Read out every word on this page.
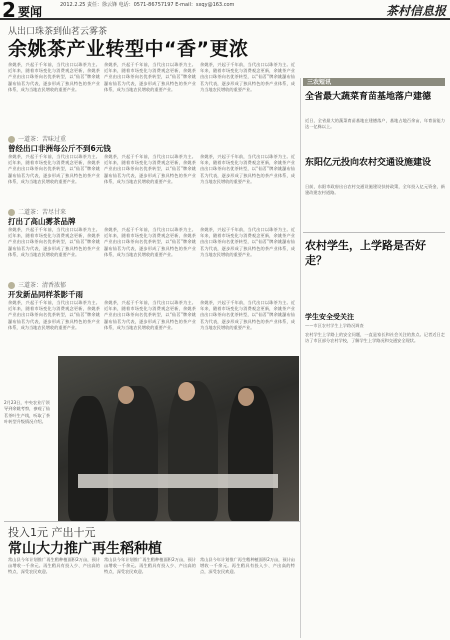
2 要闻	2012.2.25 责任：徐云锋 电话：0571-86757197 E-mail：sxqy@163.com	茶村信息报
从出口珠茶到仙茗云雾茶
余姚茶产业转型中“香”更浓
余姚茶，兴起于千年前，当代出口以珠茶为主。近年来，随着市场变化与消费观念更新，余姚茶产业由出口珠茶向名优茶转型，以“仙茗”牌余姚瀑布仙茗为代表，逐步形成了独具特色的茶产业体系，成为当地农民增收的重要产业。
余姚茶，兴起于千年前，当代出口以珠茶为主。近年来，随着市场变化与消费观念更新，余姚茶产业由出口珠茶向名优茶转型，以“仙茗”牌余姚瀑布仙茗为代表，逐步形成了独具特色的茶产业体系，成为当地农民增收的重要产业。
余姚茶，兴起于千年前，当代出口以珠茶为主。近年来，随着市场变化与消费观念更新，余姚茶产业由出口珠茶向名优茶转型，以“仙茗”牌余姚瀑布仙茗为代表，逐步形成了独具特色的茶产业体系，成为当地农民增收的重要产业。
一道茶：苦味过重
曾经出口非洲每公斤不到6元钱
余姚茶，兴起于千年前，当代出口以珠茶为主。近年来，随着市场变化与消费观念更新，余姚茶产业由出口珠茶向名优茶转型，以“仙茗”牌余姚瀑布仙茗为代表，逐步形成了独具特色的茶产业体系，成为当地农民增收的重要产业。
余姚茶，兴起于千年前，当代出口以珠茶为主。近年来，随着市场变化与消费观念更新，余姚茶产业由出口珠茶向名优茶转型，以“仙茗”牌余姚瀑布仙茗为代表，逐步形成了独具特色的茶产业体系，成为当地农民增收的重要产业。
余姚茶，兴起于千年前，当代出口以珠茶为主。近年来，随着市场变化与消费观念更新，余姚茶产业由出口珠茶向名优茶转型，以“仙茗”牌余姚瀑布仙茗为代表，逐步形成了独具特色的茶产业体系，成为当地农民增收的重要产业。
二道茶：苦尽甘来
打出了高山雾茶品牌
余姚茶，兴起于千年前，当代出口以珠茶为主。近年来，随着市场变化与消费观念更新，余姚茶产业由出口珠茶向名优茶转型，以“仙茗”牌余姚瀑布仙茗为代表，逐步形成了独具特色的茶产业体系，成为当地农民增收的重要产业。
余姚茶，兴起于千年前，当代出口以珠茶为主。近年来，随着市场变化与消费观念更新，余姚茶产业由出口珠茶向名优茶转型，以“仙茗”牌余姚瀑布仙茗为代表，逐步形成了独具特色的茶产业体系，成为当地农民增收的重要产业。
余姚茶，兴起于千年前，当代出口以珠茶为主。近年来，随着市场变化与消费观念更新，余姚茶产业由出口珠茶向名优茶转型，以“仙茗”牌余姚瀑布仙茗为代表，逐步形成了独具特色的茶产业体系，成为当地农民增收的重要产业。
三道茶：清香浓郁
开发新品同样茶影千雨
余姚茶，兴起于千年前，当代出口以珠茶为主。近年来，随着市场变化与消费观念更新，余姚茶产业由出口珠茶向名优茶转型，以“仙茗”牌余姚瀑布仙茗为代表，逐步形成了独具特色的茶产业体系，成为当地农民增收的重要产业。
余姚茶，兴起于千年前，当代出口以珠茶为主。近年来，随着市场变化与消费观念更新，余姚茶产业由出口珠茶向名优茶转型，以“仙茗”牌余姚瀑布仙茗为代表，逐步形成了独具特色的茶产业体系，成为当地农民增收的重要产业。
余姚茶，兴起于千年前，当代出口以珠茶为主。近年来，随着市场变化与消费观念更新，余姚茶产业由出口珠茶向名优茶转型，以“仙茗”牌余姚瀑布仙茗为代表，逐步形成了独具特色的茶产业体系，成为当地农民增收的重要产业。
2月23日，中央农业厅领导到余姚考察，参观了仙茗茶叶生产线，听取了茶叶转型升级情况介绍。
投入1元 产出十元
常山大力推广再生稻种植
常山县今年计划推广再生稻种植面积2万亩，预计亩增收一千余元。再生稻具有投入少、产出高的特点，深受农民欢迎。
常山县今年计划推广再生稻种植面积2万亩，预计亩增收一千余元。再生稻具有投入少、产出高的特点，深受农民欢迎。
常山县今年计划推广再生稻种植面积2万亩，预计亩增收一千余元。再生稻具有投入少、产出高的特点，深受农民欢迎。
三农短讯
全省最大蔬菜育苗基地落户建德
近日，全省最大的蔬菜育苗基地在建德落户，基地占地百余亩，年育苗能力达一亿株以上。
东阳亿元投向农村交通设施建设
日前，东阳市政府出台农村交通设施建设扶持政策，全年投入亿元资金，新建改建农村道路。
农村学生，上学路是否好走？
学生安全受关注
——市区农村学生上学路况调查
农村学生上学路上的安全问题，一直是家长和社会关注的焦点。记者近日走访了市区部分农村学校，了解学生上学路况和交通安全现状。
